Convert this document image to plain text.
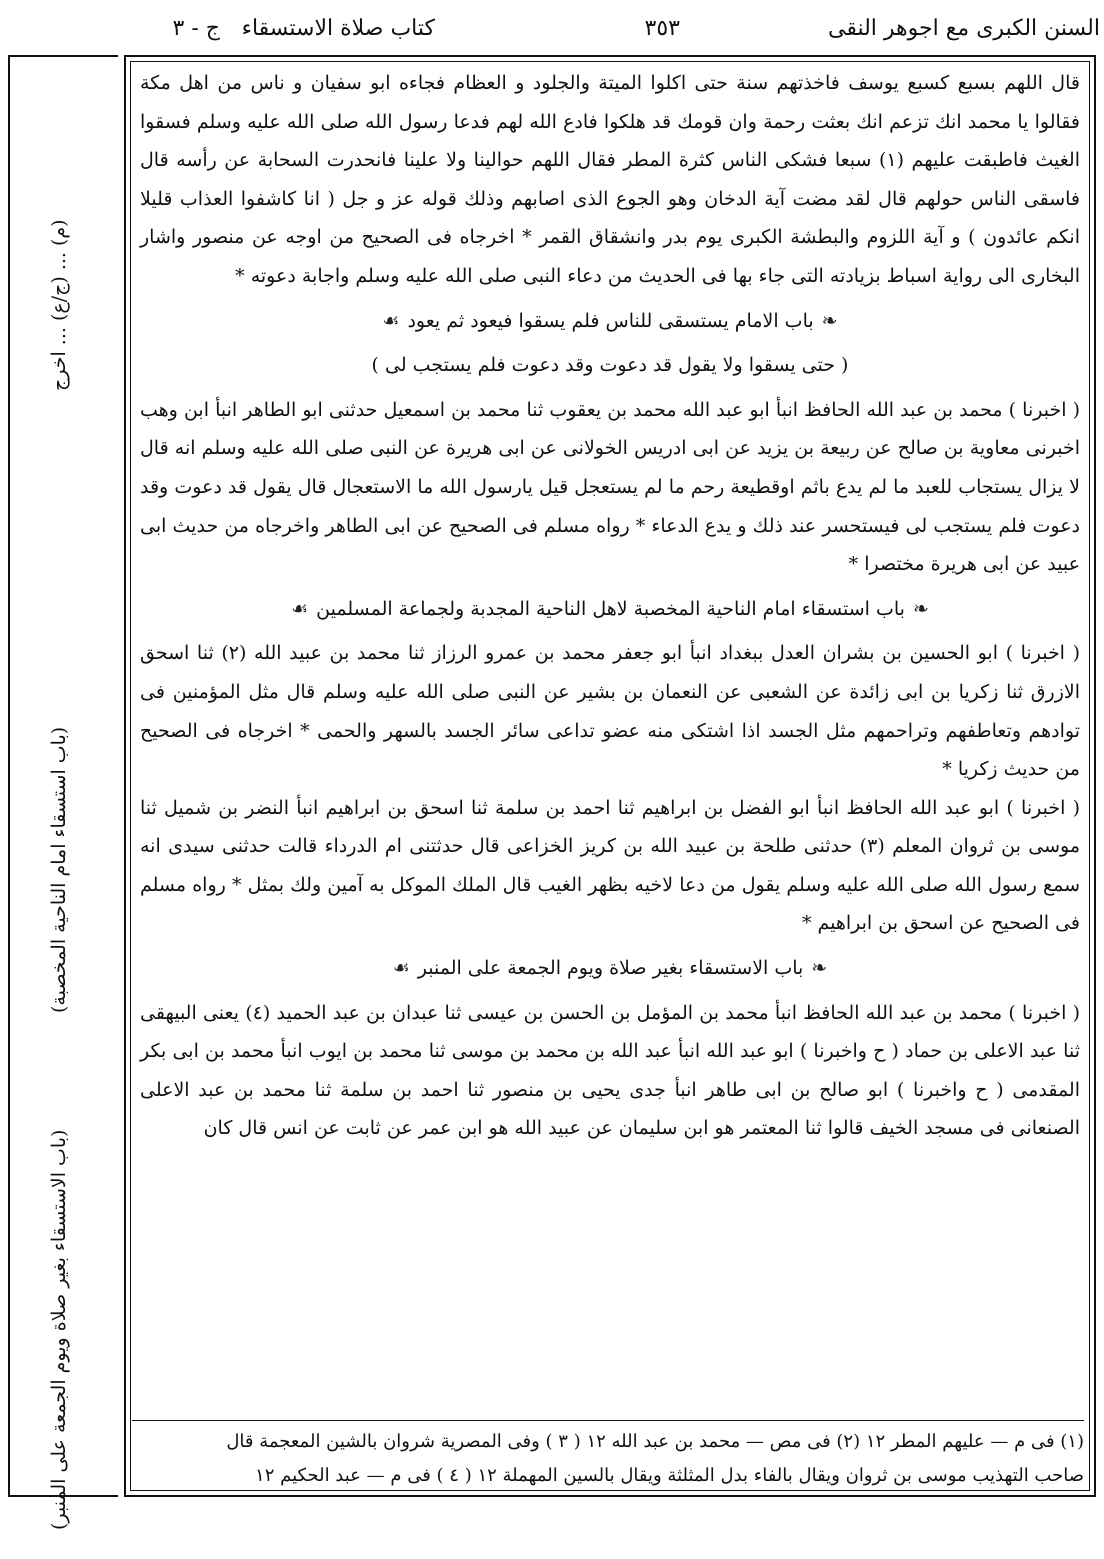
السنن الكبرى مع اجوهر النقى
٣٥٣
كتاب صلاة الاستسقاء
ج - ٣
(م) ... (ج/ع) ... اخرج
(باب استسقاء امام الناحية المخصبة)
(باب الاستسقاء بغير صلاة ويوم الجمعة على المنبر)

قال اللهم بسبع كسبع يوسف فاخذتهم سنة حتى اكلوا الميتة والجلود و العظام فجاءه ابو سفيان و ناس من اهل مكة فقالوا يا محمد انك تزعم انك بعثت رحمة وان قومك قد هلكوا فادع الله لهم فدعا رسول الله صلى الله عليه وسلم فسقوا الغيث فاطبقت عليهم (١) سبعا فشكى الناس كثرة المطر فقال اللهم حوالينا ولا علينا فانحدرت السحابة عن رأسه قال فاسقى الناس حولهم قال لقد مضت آية الدخان وهو الجوع الذى اصابهم وذلك قوله عز و جل ( انا كاشفوا العذاب قليلا انكم عائدون ) و آية اللزوم والبطشة الكبرى يوم بدر وانشقاق القمر * اخرجاه فى الصحيح من اوجه عن منصور واشار البخارى الى رواية اسباط بزيادته التى جاء بها فى الحديث من دعاء النبى صلى الله عليه وسلم واجابة دعوته *

❧باب الامام يستسقى للناس فلم يسقوا فيعود ثم يعود☙

( حتى يسقوا ولا يقول قد دعوت وقد دعوت فلم يستجب لى )

( اخبرنا ) محمد بن عبد الله الحافظ انبأ ابو عبد الله محمد بن يعقوب ثنا محمد بن اسمعيل حدثنى ابو الطاهر انبأ ابن وهب اخبرنى معاوية بن صالح عن ربيعة بن يزيد عن ابى ادريس الخولانى عن ابى هريرة عن النبى صلى الله عليه وسلم انه قال لا يزال يستجاب للعبد ما لم يدع باثم اوقطيعة رحم ما لم يستعجل قيل يارسول الله ما الاستعجال قال يقول قد دعوت وقد دعوت فلم يستجب لى فيستحسر عند ذلك و يدع الدعاء * رواه مسلم فى الصحيح عن ابى الطاهر واخرجاه من حديث ابى عبيد عن ابى هريرة مختصرا *

❧باب استسقاء امام الناحية المخصبة لاهل الناحية المجدبة ولجماعة المسلمين☙

( اخبرنا ) ابو الحسين بن بشران العدل ببغداد انبأ ابو جعفر محمد بن عمرو الرزاز ثنا محمد بن عبيد الله (٢) ثنا اسحق الازرق ثنا زكريا بن ابى زائدة عن الشعبى عن النعمان بن بشير عن النبى صلى الله عليه وسلم قال مثل المؤمنين فى توادهم وتعاطفهم وتراحمهم مثل الجسد اذا اشتكى منه عضو تداعى سائر الجسد بالسهر والحمى * اخرجاه فى الصحيح من حديث زكريا *

( اخبرنا ) ابو عبد الله الحافظ انبأ ابو الفضل بن ابراهيم ثنا احمد بن سلمة ثنا اسحق بن ابراهيم انبأ النضر بن شميل ثنا موسى بن ثروان المعلم (٣) حدثنى طلحة بن عبيد الله بن كريز الخزاعى قال حدثتنى ام الدرداء قالت حدثنى سيدى انه سمع رسول الله صلى الله عليه وسلم يقول من دعا لاخيه بظهر الغيب قال الملك الموكل به آمين ولك بمثل * رواه مسلم فى الصحيح عن اسحق بن ابراهيم *

❧باب الاستسقاء بغير صلاة ويوم الجمعة على المنبر☙

( اخبرنا ) محمد بن عبد الله الحافظ انبأ محمد بن المؤمل بن الحسن بن عيسى ثنا عبدان بن عبد الحميد (٤) يعنى البيهقى ثنا عبد الاعلى بن حماد ( ح واخبرنا ) ابو عبد الله انبأ عبد الله بن محمد بن موسى ثنا محمد بن ايوب انبأ محمد بن ابى بكر المقدمى ( ح واخبرنا ) ابو صالح بن ابى طاهر انبأ جدى يحيى بن منصور ثنا احمد بن سلمة ثنا محمد بن عبد الاعلى الصنعانى فى مسجد الخيف قالوا ثنا المعتمر هو ابن سليمان عن عبيد الله هو ابن عمر عن ثابت عن انس قال كان

(١) فى م — عليهم المطر ١٢ (٢) فى مص — محمد بن عبد الله ١٢ ( ٣ ) وفى المصرية شروان بالشين المعجمة قال

صاحب التهذيب موسى بن ثروان ويقال بالفاء بدل المثلثة ويقال بالسين المهملة ١٢ ( ٤ ) فى م — عبد الحكيم ١٢
